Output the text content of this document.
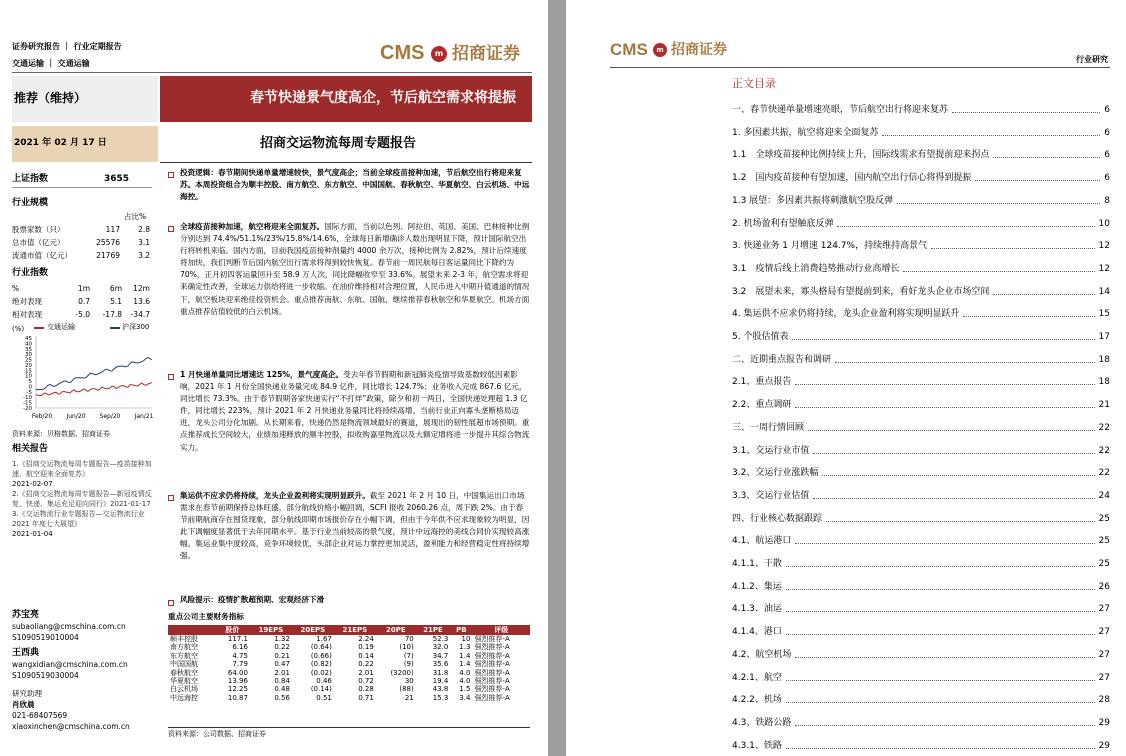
证券研究报告 ｜ 行业定期报告
交通运输 ｜ 交通运输	CMS	m 招商证券
推荐（维持）	春节快递景气度高企，节后航空需求将提振
2021 年 02 月 17 日	招商交运物流每周专题报告
上证指数	3655
行业规模
占比%
股票家数（只）	117	2.8
总市值（亿元）	25576	3.1
流通市值（亿元）	21769	3.2
行业指数
%	1m	6m	12m
绝对表现	0.7	5.1	13.6
相对表现	-5.0	-17.8	-34.7
(%)	交通运输	沪深300
45
40
35
30
25
20
15
10
5
0
-5
-10
-15
-20
Feb/20 Jun/20 Sep/20 Jan/21
资料来源：贝格数据、招商证券
相关报告
1.《招商交运物流每周专题报告—疫苗接种加速，航空迎来全面复苏》
2021-02-07
2.《招商交运物流每周专题报告—新冠疫情反复，快递、集运充足迎向同行》2021-01-17
3.《交运物流行业专题报告—交运物流行业 2021 年度七大展望》
2021-01-04
苏宝亮
subaoliang@cmschina.com.cn
S1090519010004
王西典
wangxidian@cmschina.com.cn
S1090519030004
研究助理
肖欣晨
021-68407569
xiaoxinchen@cmschina.com.cn
投资逻辑：春节期间快递单量增速较快，景气度高企；当前全球疫苗接种加速，节后航空出行将迎来复苏。本周投资组合为顺丰控股、南方航空、东方航空、中国国航、春秋航空、华夏航空、白云机场、中远海控。
全球疫苗接种加速，航空将迎来全面复苏。国际方面，当前以色列、阿拉伯、英国、美国、巴林接种比例分别达到 74.4%/51.1%/23%/15.8%/14.6%，全球每日新增确诊人数出现明显下降，预计国际航空出行将转机来临。国内方面，目前我国疫苗接种剂量约 4000 余万次，接种比例为 2.82%，预计后续速度将加快，我们判断节后国内航空出行需求将得到较快恢复。春节前一周民航每日客运量同比下降约为 70%，正月初四客运量回升至 58.9 万人次，同比降幅收窄至 33.6%。展望未来 2-3 年，航空需求将迎来确定性改善，全球运力供给将进一步收缩。在油价维持相对合理位置，人民币进入中期升值通道的情况下，航空板块迎来绝佳投资机会。重点推荐南航、东航、国航，继续推荐春秋航空和华夏航空。机场方面重点推荐估值较低的白云机场。
1 月快递单量同比增速达 125%，景气度高企。受去年春节假期和新冠肺炎疫情导致基数较低因素影响，2021 年 1 月份全国快递业务量完成 84.9 亿件，同比增长 124.7%；业务收入完成 867.6 亿元，同比增长 73.3%。由于春节假期各家快递实行“不打烊”政策，除夕和初一两日，全国快递处理超 1.3 亿件，同比增长 223%，预计 2021 年 2 月快递业务量同比将持续高增。当前行业正向寡头垄断格局迈进，龙头公司分化加剧。从长期来看，快递仍然是物流领域最好的赛道，展现出的韧性展超市场预期。重点推荐成长空间较大，业绩加速释放的顺丰控股，拟收购嘉里物流以及大额定增将进一步提升其综合物流实力。
集运供不应求仍将持续，龙头企业盈利将实现明显跃升。截至 2021 年 2 月 10 日，中国集运出口市场需求在春节前期保持总体旺盛，部分航线价格小幅回调，SCFI 报收 2060.26 点，周下跌 2%。由于春节前期航商存在囤货现象，部分航线即期市场报价存在小幅下调，但由于今年供不应求现象较为明显，因此下调幅度显著低于去年同期水平。基于行业当前较高的景气度，预计中远海控的美线合同价实现较高涨幅。集运业集中度较高，竞争环境较优，头部企业对运力掌控更加灵活，盈利能力和经营稳定性将持续增强。
风险提示：疫情扩散超预期、宏观经济下滑
重点公司主要财务指标
	股价	19EPS	20EPS	21EPS	20PE	21PE	PB	评级
顺丰控股	117.1	1.32	1.67	2.24	70	52.3	10	强烈推荐-A
南方航空	6.16	0.22	(0.64)	0.19	(10)	32.0	1.3	强烈推荐-A
东方航空	4.75	0.21	(0.66)	0.14	(7)	34.7	1.4	强烈推荐-A
中国国航	7.79	0.47	(0.82)	0.22	(9)	35.6	1.4	强烈推荐-A
春秋航空	64.00	2.01	(0.02)	2.01	(3200)	31.8	4.0	强烈推荐-A
华夏航空	13.96	0.84	0.46	0.72	30	19.4	4.0	强烈推荐-A
白云机场	12.25	0.48	(0.14)	0.28	(88)	43.8	1.5	强烈推荐-A
中远海控	10.87	0.56	0.51	0.71	21	15.3	3.4	强烈推荐-A
资料来源：公司数据、招商证券
CMS	m 招商证券
行业研究
正文目录
一、春节快递单量增速亮眼，节后航空出行将迎来复苏	6
1. 多因素共振，航空将迎来全面复苏	6
1.1　全球疫苗接种比例持续上升，国际线需求有望提前迎来拐点	6
1.2　国内疫苗接种有望加速，国内航空出行信心将得到提振	6
1.3 展望：多因素共振将刺激航空股反弹	8
2. 机场盈利有望触底反弹	10
3. 快递业务 1 月增速 124.7%，持续维持高景气	12
3.1　疫情后线上消费趋势推动行业高增长	12
3.2　展望未来，寡头格局有望提前到来，看好龙头企业市场空间	14
4. 集运供不应求仍将持续，龙头企业盈利将实现明显跃升	15
5. 个股估值表	17
二、近期重点报告和调研	18
2.1、重点报告	18
2.2、重点调研	21
三、一周行情回顾	22
3.1、交运行业市值	22
3.2、交运行业涨跌幅	22
3.3、交运行业估值	24
四、行业核心数据跟踪	25
4.1、航运港口	25
4.1.1、干散	25
4.1.2、集运	26
4.1.3、油运	27
4.1.4、港口	27
4.2、航空机场	27
4.2.1、航空	27
4.2.2、机场	28
4.3、铁路公路	29
4.3.1、铁路	29
